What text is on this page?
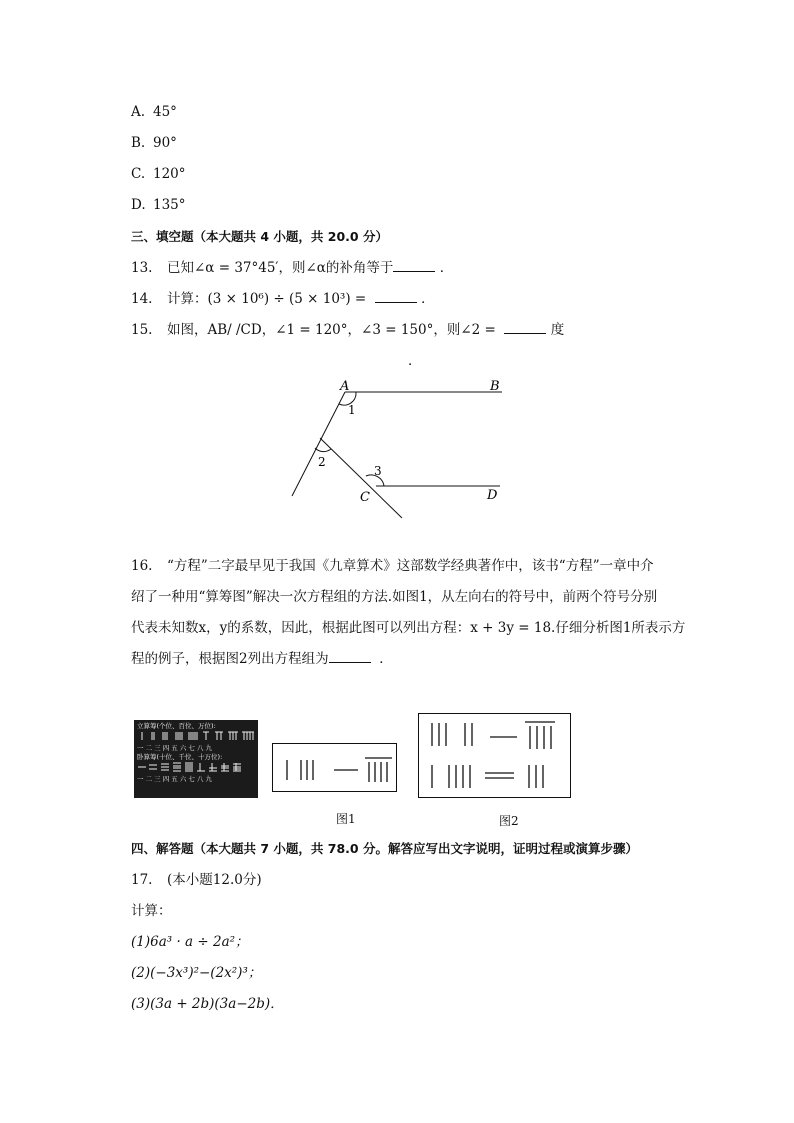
A. 45°
B. 90°
C. 120°
D. 135°
三、填空题（本大题共 4 小题，共 20.0 分）
13. 已知∠α = 37°45′，则∠α的补角等于	．
14. 计算：(3 × 10⁶) ÷ (5 × 10³) =	．
15. 如图，AB/ /CD，∠1 = 120°，∠3 = 150°，则∠2 =	度
．
A	B
C	D
1
2
3
16. “方程”二字最早见于我国《九章算术》这部数学经典著作中，该书“方程”一章中介
绍了一种用“算筹图”解决一次方程组的方法.如图1，从左向右的符号中，前两个符号分别
代表未知数x，y的系数，因此，根据此图可以列出方程：x + 3y = 18.仔细分析图1所表示方
程的例子，根据图2列出方程组为	．
立算筹(个位、百位、万位):
一 二 三 四 五 六 七 八 九
卧算筹(十位、千位、十万位):
一 二 三 四 五 六 七 八 九
图1	图2
四、解答题（本大题共 7 小题，共 78.0 分。解答应写出文字说明，证明过程或演算步骤）
17. (本小题12.0分)
计算：
(1)6a³ · a ÷ 2a²；
(2)(−3x³)²−(2x²)³；
(3)(3a + 2b)(3a−2b)．
